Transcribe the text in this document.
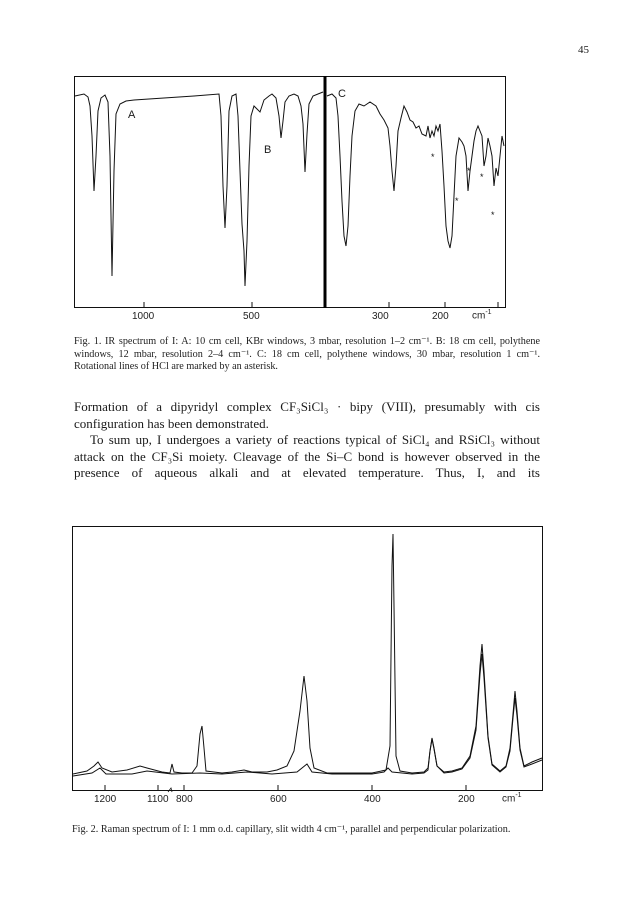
45
*
*
*
*
*
A
B
C
1000	500	300	200 $cm^{-1}$
Fig. 1. IR spectrum of I: A: 10 cm cell, KBr windows, 3 mbar, resolution 1–2 cm⁻¹. B: 18 cm cell, polythene windows, 12 mbar, resolution 2–4 cm⁻¹. C: 18 cm cell, polythene windows, 30 mbar, resolution 1 cm⁻¹. Rotational lines of HCl are marked by an asterisk.

Formation of a dipyridyl complex CF₃SiCl₃ · bipy (VIII), presumably with cis configuration has been demonstrated.

To sum up, I undergoes a variety of reactions typical of SiCl₄ and RSiCl₃ without attack on the CF₃Si moiety. Cleavage of the Si–C bond is however observed in the presence of aqueous alkali and at elevated temperature. Thus, I, and its

1200	1100 800	600	400	200	$cm^{-1}$
Fig. 2. Raman spectrum of I: 1 mm o.d. capillary, slit width 4 cm⁻¹, parallel and perpendicular polarization.
